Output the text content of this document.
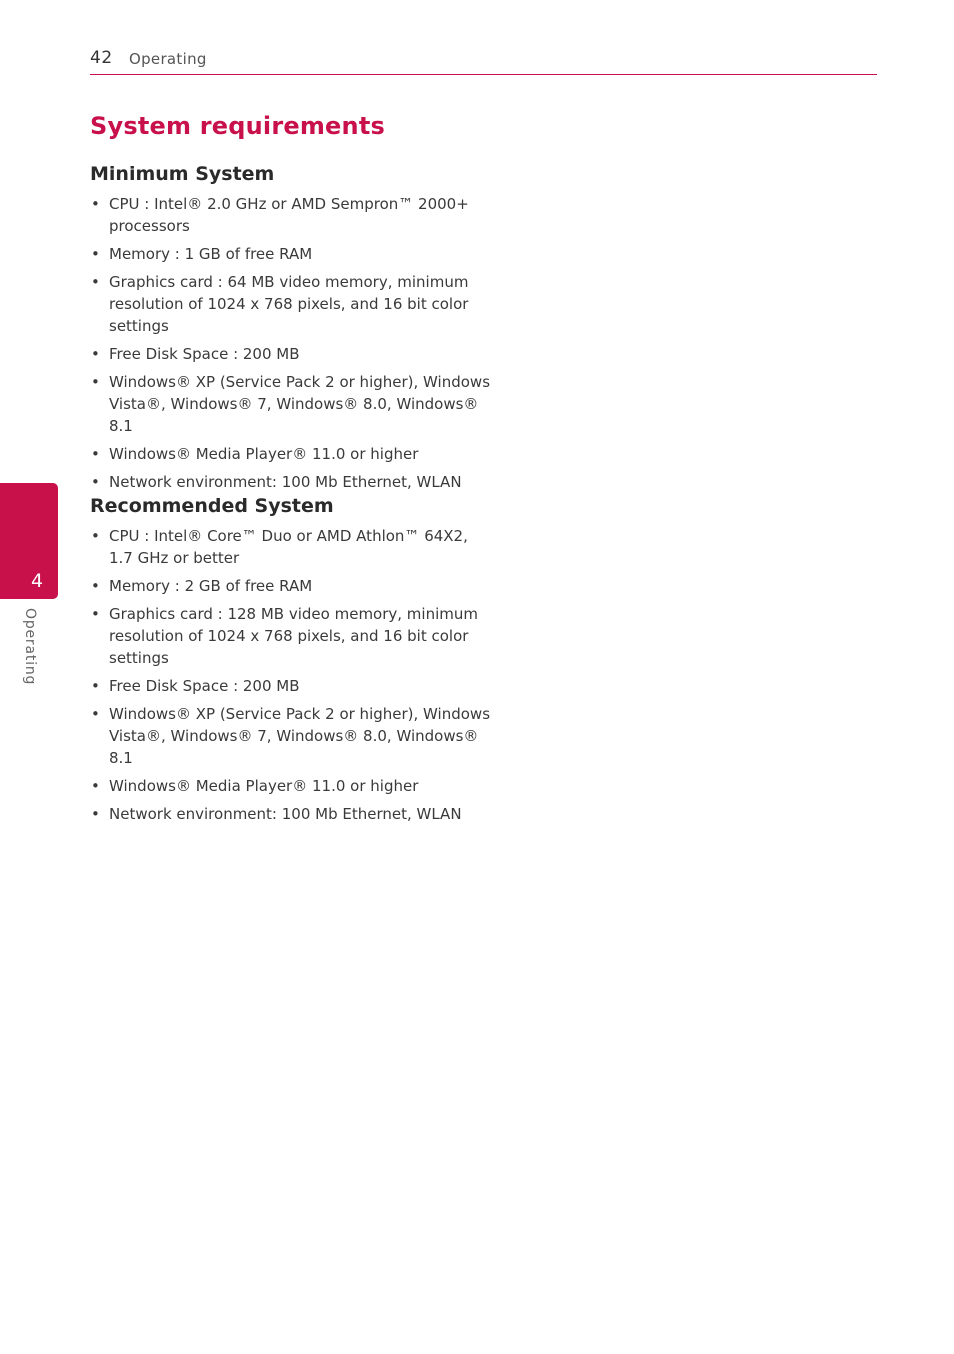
42 Operating
System requirements
Minimum System
• CPU : Intel® 2.0 GHz or AMD Sempron™ 2000+ processors
• Memory : 1 GB of free RAM
• Graphics card : 64 MB video memory, minimum resolution of 1024 x 768 pixels, and 16 bit color settings
• Free Disk Space : 200 MB
• Windows® XP (Service Pack 2 or higher), Windows Vista®, Windows® 7, Windows® 8.0, Windows® 8.1
• Windows® Media Player® 11.0 or higher
• Network environment: 100 Mb Ethernet, WLAN
Recommended System
• CPU : Intel® Core™ Duo or AMD Athlon™ 64X2, 1.7 GHz or better
• Memory : 2 GB of free RAM
• Graphics card : 128 MB video memory, minimum resolution of 1024 x 768 pixels, and 16 bit color settings
• Free Disk Space : 200 MB
• Windows® XP (Service Pack 2 or higher), Windows Vista®, Windows® 7, Windows® 8.0, Windows® 8.1
• Windows® Media Player® 11.0 or higher
• Network environment: 100 Mb Ethernet, WLAN
4
Operating
